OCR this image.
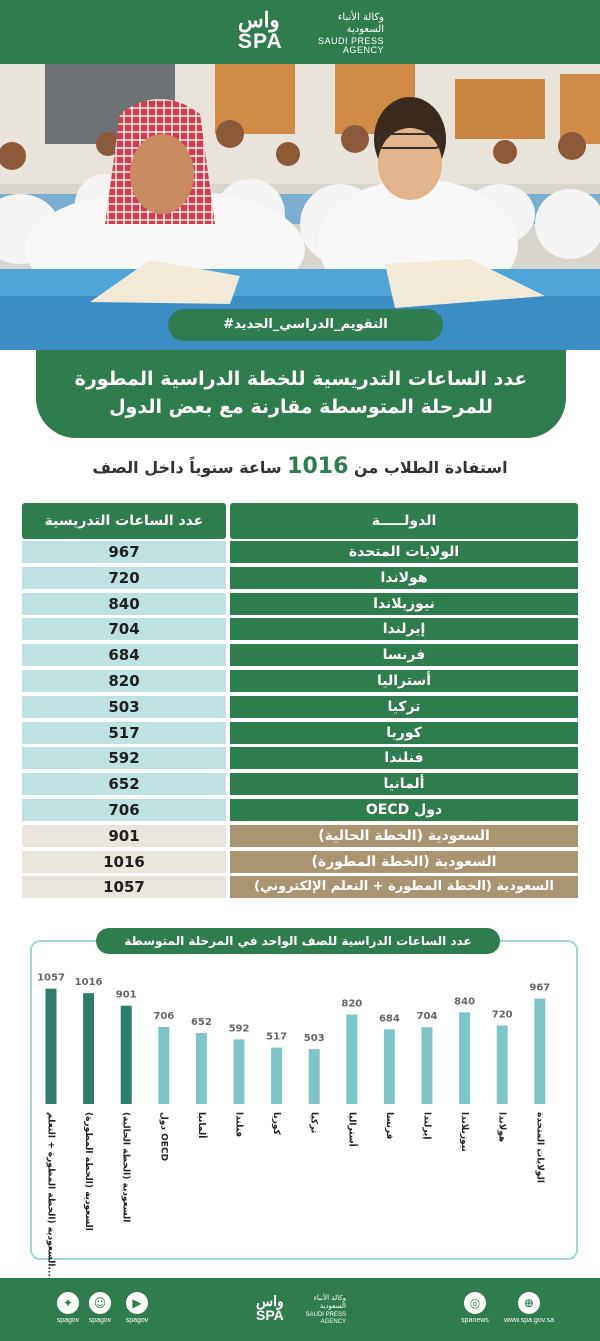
واس
SPA
وكالة الأنباء
السعودية
SAUDI PRESS
AGENCY
#التقويم_الدراسي_الجديد
عدد الساعات التدريسية للخطة الدراسية المطورة
للمرحلة المتوسطة مقارنة مع بعض الدول
استفادة الطلاب من 1016 ساعة سنوياً داخل الصف
عدد الساعات التدريسية	الدولـــــة
967	الولايات المتحدة
720	هولاندا
840	نيوزيلاندا
704	إيرلندا
684	فرنسا
820	أستراليا
503	تركيا
517	كوريا
592	فنلندا
652	ألمانيا
706	دول OECD
901	السعودية (الخطة الحالية)
1016	السعودية (الخطة المطورة)
1057	السعودية (الخطة المطورة + التعلم الإلكتروني)
عدد الساعات الدراسية للصف الواحد في المرحلة المتوسطة
1057
السعودية (الخطة المطورة + التعلم...
1016
السعودية (الخطة المطورة)
901
السعودية (الخطة الحالية)
706
دول OECD
652
ألمانيا
592
فنلندا
517
كوريا
503
تركيا
820
أستراليا
684
فرنسا
704
إيرلندا
840
نيوزيلاندا
720
هولاندا
967
الولايات المتحدة
✦
spagov
☺
spagov
▶
spagov
واس
SPA
وكالة الأنباء
السعودية
SAUDI PRESS
AGENCY
◎
spanews
⊕
www.spa.gov.sa
